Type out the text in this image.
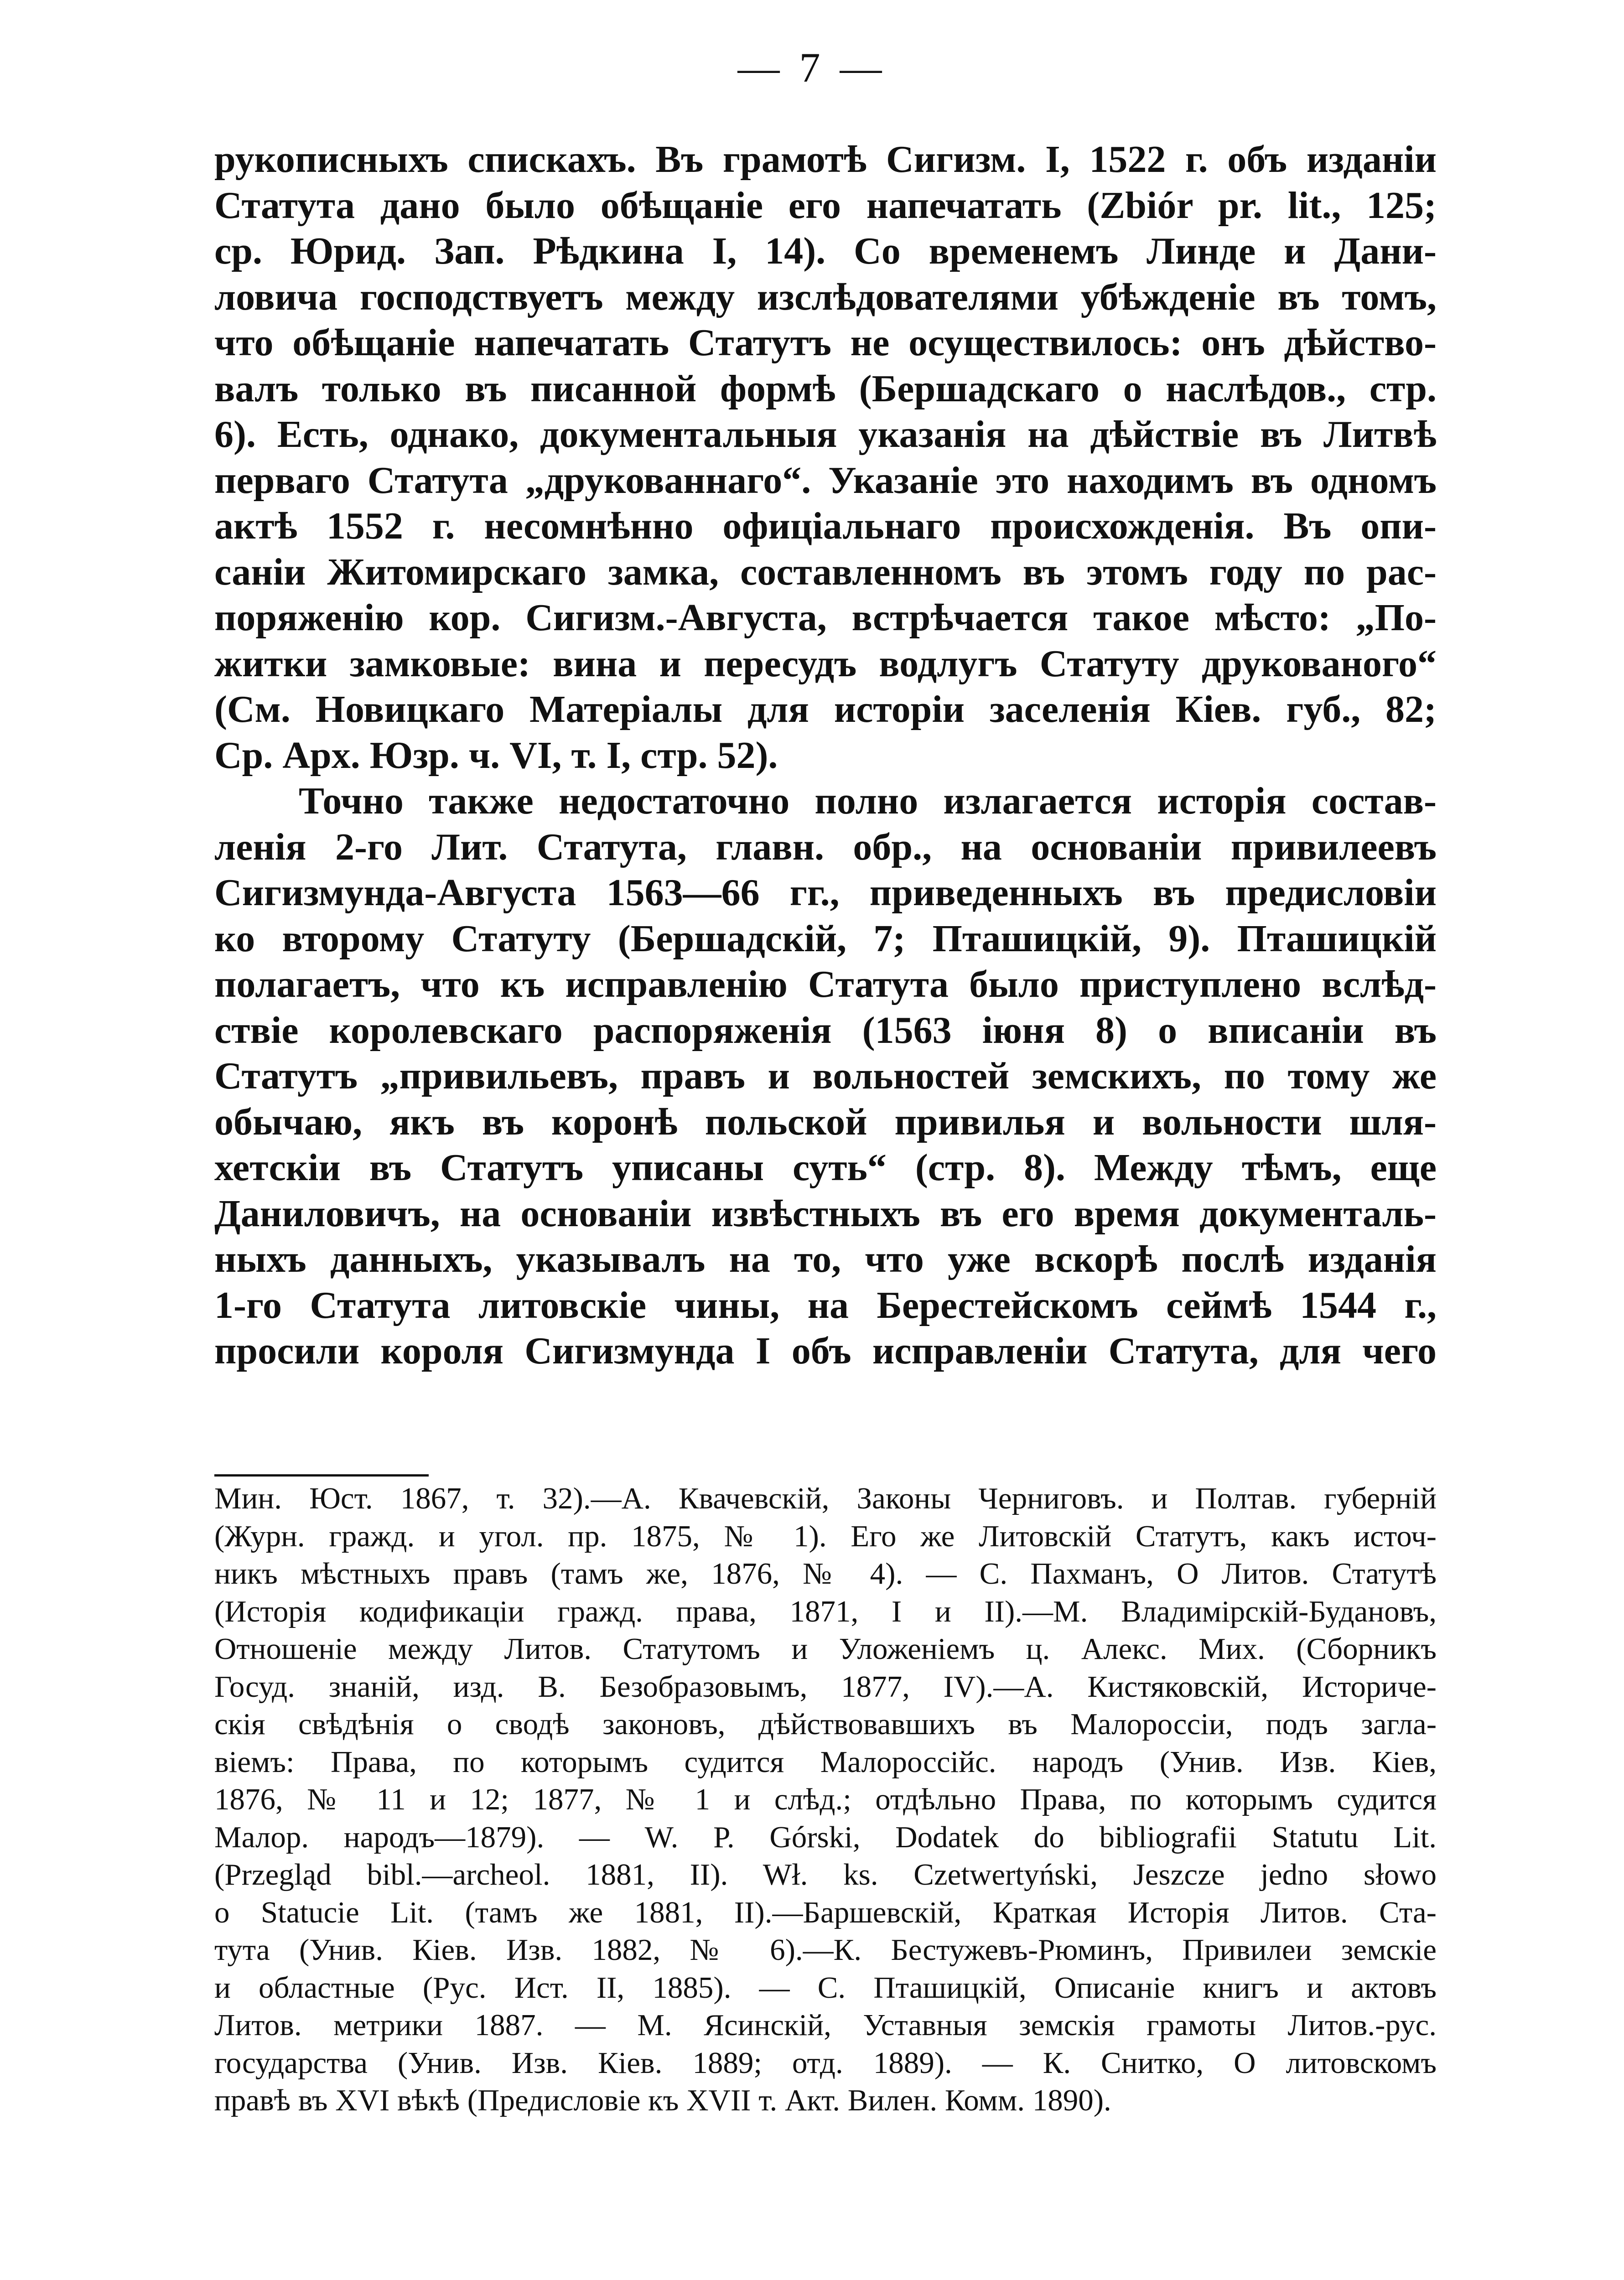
— 7 —

рукописныхъ спискахъ. Въ грамотѣ Сигизм. I, 1522 г. объ изданіи
Статута дано было обѣщаніе его напечатать (Zbiór pr. lit., 125;
ср. Юрид. Зап. Рѣдкина I, 14). Со временемъ Линде и Дани-
ловича господствуетъ между изслѣдователями убѣжденіе въ томъ,
что обѣщаніе напечатать Статутъ не осуществилось: онъ дѣйство-
валъ только въ писанной формѣ (Бершадскаго о наслѣдов., стр.
6). Есть, однако, документальныя указанія на дѣйствіе въ Литвѣ
перваго Статута „друкованнаго“. Указаніе это находимъ въ одномъ
актѣ 1552 г. несомнѣнно офиціальнаго происхожденія. Въ опи-
саніи Житомирскаго замка, составленномъ въ этомъ году по рас-
поряженію кор. Сигизм.-Августа, встрѣчается такое мѣсто: „По-
житки замковые: вина и пересудъ водлугъ Статуту друкованого“
(См. Новицкаго Матеріалы для исторіи заселенія Кіев. губ., 82;
Ср. Арх. Юзр. ч. VI, т. I, стр. 52).

Точно также недостаточно полно излагается исторія состав-
ленія 2-го Лит. Статута, главн. обр., на основаніи привилеевъ
Сигизмунда-Августа 1563—66 гг., приведенныхъ въ предисловіи
ко второму Статуту (Бершадскій, 7; Пташицкій, 9). Пташицкій
полагаетъ, что къ исправленію Статута было приступлено вслѣд-
ствіе королевскаго распоряженія (1563 іюня 8) о вписаніи въ
Статутъ „привильевъ, правъ и вольностей земскихъ, по тому же
обычаю, якъ въ коронѣ польской привилья и вольности шля-
хетскіи въ Статутъ уписаны суть“ (стр. 8). Между тѣмъ, еще
Даниловичъ, на основаніи извѣстныхъ въ его время документаль-
ныхъ данныхъ, указывалъ на то, что уже вскорѣ послѣ изданія
1-го Статута литовскіе чины, на Берестейскомъ сеймѣ 1544 г.,
просили короля Сигизмунда I объ исправленіи Статута, для чего

Мин. Юст. 1867, т. 32).—А. Квачевскій, Законы Черниговъ. и Полтав. губерній
(Журн. гражд. и угол. пр. 1875, № 1). Его же Литовскій Статутъ, какъ источ-
никъ мѣстныхъ правъ (тамъ же, 1876, № 4). — С. Пахманъ, О Литов. Статутѣ
(Исторія кодификаціи гражд. права, 1871, I и II).—М. Владимірскій-Будановъ,
Отношеніе между Литов. Статутомъ и Уложеніемъ ц. Алекс. Мих. (Сборникъ
Госуд. знаній, изд. В. Безобразовымъ, 1877, IV).—А. Кистяковскій, Историче-
скія свѣдѣнія о сводѣ законовъ, дѣйствовавшихъ въ Малороссіи, подъ загла-
віемъ: Права, по которымъ судится Малороссійс. народъ (Унив. Изв. Кіев,
1876, № 11 и 12; 1877, № 1 и слѣд.; отдѣльно Права, по которымъ судится
Малор. народъ—1879). — W. P. Górski, Dodatek do bibliografii Statutu Lit.
(Przegląd bibl.—archeol. 1881, II). Wł. ks. Czetwertyński, Jeszcze jedno słowo
o Statucie Lit. (тамъ же 1881, II).—Баршевскій, Краткая Исторія Литов. Ста-
тута (Унив. Кіев. Изв. 1882, № 6).—К. Бестужевъ-Рюминъ, Привилеи земскіе
и областные (Рус. Ист. II, 1885). — С. Пташицкій, Описаніе книгъ и актовъ
Литов. метрики 1887. — М. Ясинскій, Уставныя земскія грамоты Литов.-рус.
государства (Унив. Изв. Кіев. 1889; отд. 1889). — К. Снитко, О литовскомъ
правѣ въ XVI вѣкѣ (Предисловіе къ XVII т. Акт. Вилен. Комм. 1890).
